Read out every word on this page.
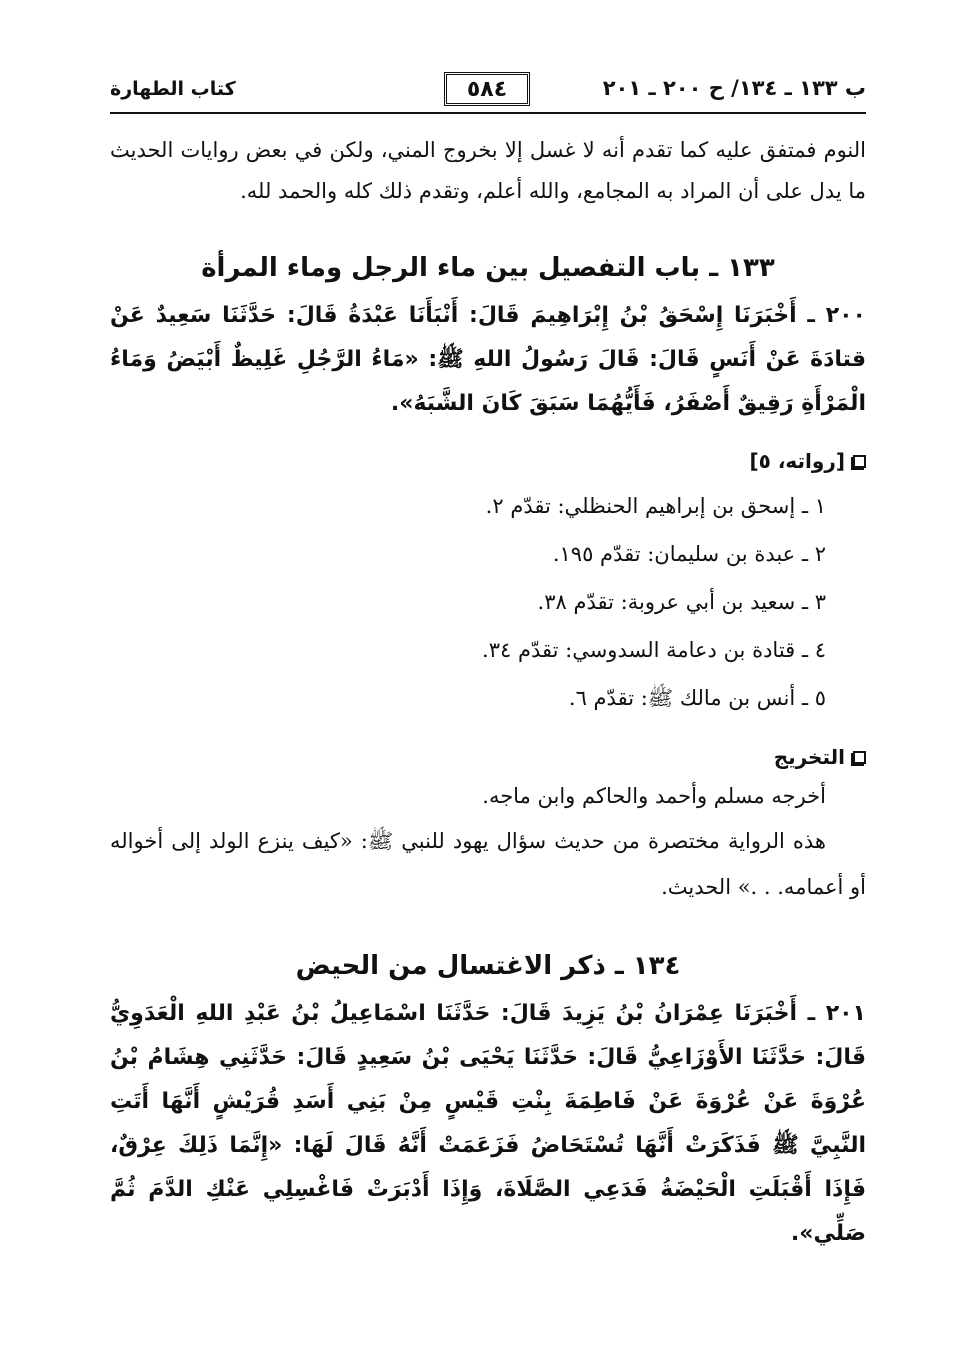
ب ١٣٣ ـ ١٣٤/ ح ٢٠٠ ـ ٢٠١
٥٨٤
كتاب الطهارة

النوم فمتفق عليه كما تقدم أنه لا غسل إلا بخروج المني، ولكن في بعض روايات الحديث ما يدل على أن المراد به المجامع، والله أعلم، وتقدم ذلك كله والحمد لله.

١٣٣ ـ باب التفصيل بين ماء الرجل وماء المرأة

٢٠٠ ـ أَخْبَرَنَا إِسْحَقُ بْنُ إِبْرَاهِيمَ قَالَ: أَنْبَأَنَا عَبْدَةُ قَالَ: حَدَّثَنَا سَعِيدٌ عَنْ قتادَةَ عَنْ أَنَسٍ قَالَ: قَالَ رَسُولُ اللهِ ﷺ: «مَاءُ الرَّجُلِ غَلِيظٌ أَبْيَضُ وَمَاءُ الْمَرْأَةِ رَقِيقٌ أَصْفَرُ، فَأَيُّهُمَا سَبَقَ كَانَ الشَّبَهُ».

[رواته، ٥]
١ ـ إسحق بن إبراهيم الحنظلي: تقدّم ٢.
٢ ـ عبدة بن سليمان: تقدّم ١٩٥.
٣ ـ سعيد بن أبي عروبة: تقدّم ٣٨.
٤ ـ قتادة بن دعامة السدوسي: تقدّم ٣٤.
٥ ـ أنس بن مالك ﷺ: تقدّم ٦.
التخريج

أخرجه مسلم وأحمد والحاكم وابن ماجه.

هذه الرواية مختصرة من حديث سؤال يهود للنبي ﷺ: «كيف ينزع الولد إلى أخواله أو أعمامه. . .» الحديث.

١٣٤ ـ ذكر الاغتسال من الحيض

٢٠١ ـ أَخْبَرَنَا عِمْرَانُ بْنُ يَزِيدَ قَالَ: حَدَّثَنَا اسْمَاعِيلُ بْنُ عَبْدِ اللهِ الْعَدَوِيُّ قَالَ: حَدَّثَنَا الأَوْزَاعِيُّ قَالَ: حَدَّثَنَا يَحْيَى بْنُ سَعِيدٍ قَالَ: حَدَّثَنِي هِشَامُ بْنُ عُرْوَةَ عَنْ عُرْوَةَ عَنْ فَاطِمَةَ بِنْتِ قَيْسٍ مِنْ بَنِي أَسَدِ قُرَيْشٍ أَنَّهَا أَتَتِ النَّبِيَّ ﷺ فَذَكَرَتْ أَنَّهَا تُسْتَحَاضُ فَزَعَمَتْ أَنَّهُ قَالَ لَهَا: «إِنَّمَا ذَلِكَ عِرْقٌ، فَإِذَا أَقْبَلَتِ الْحَيْضَةُ فَدَعِي الصَّلَاةَ، وَإِذَا أَدْبَرَتْ فَاغْسِلِي عَنْكِ الدَّمَ ثُمَّ صَلِّي».
